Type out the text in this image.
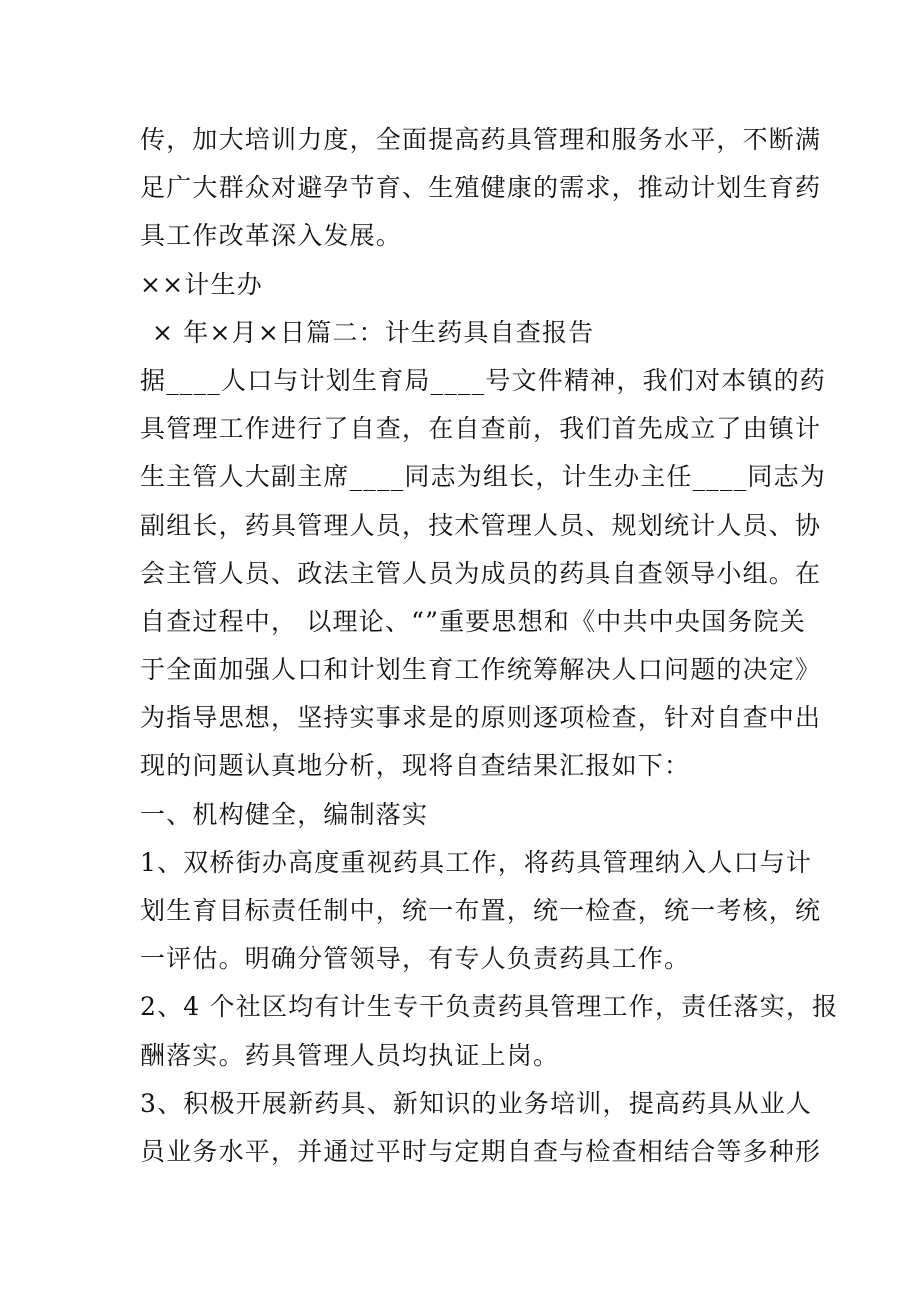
传，加大培训力度，全面提高药具管理和服务水平，不断满
足广大群众对避孕节育、生殖健康的需求，推动计划生育药
具工作改革深入发展。
××计生办
× 年×月×日篇二：计生药具自查报告
据____人口与计划生育局____号文件精神，我们对本镇的药
具管理工作进行了自查，在自查前，我们首先成立了由镇计
生主管人大副主席____同志为组长，计生办主任____同志为
副组长，药具管理人员，技术管理人员、规划统计人员、协
会主管人员、政法主管人员为成员的药具自查领导小组。在
自查过程中， 以理论、“”重要思想和《中共中央国务院关
于全面加强人口和计划生育工作统筹解决人口问题的决定》
为指导思想，坚持实事求是的原则逐项检查，针对自查中出
现的问题认真地分析，现将自查结果汇报如下：
一、机构健全，编制落实
1、双桥街办高度重视药具工作，将药具管理纳入人口与计
划生育目标责任制中，统一布置，统一检查，统一考核，统
一评估。明确分管领导，有专人负责药具工作。
2、4 个社区均有计生专干负责药具管理工作，责任落实，报
酬落实。药具管理人员均执证上岗。
3、积极开展新药具、新知识的业务培训，提高药具从业人
员业务水平，并通过平时与定期自查与检查相结合等多种形
